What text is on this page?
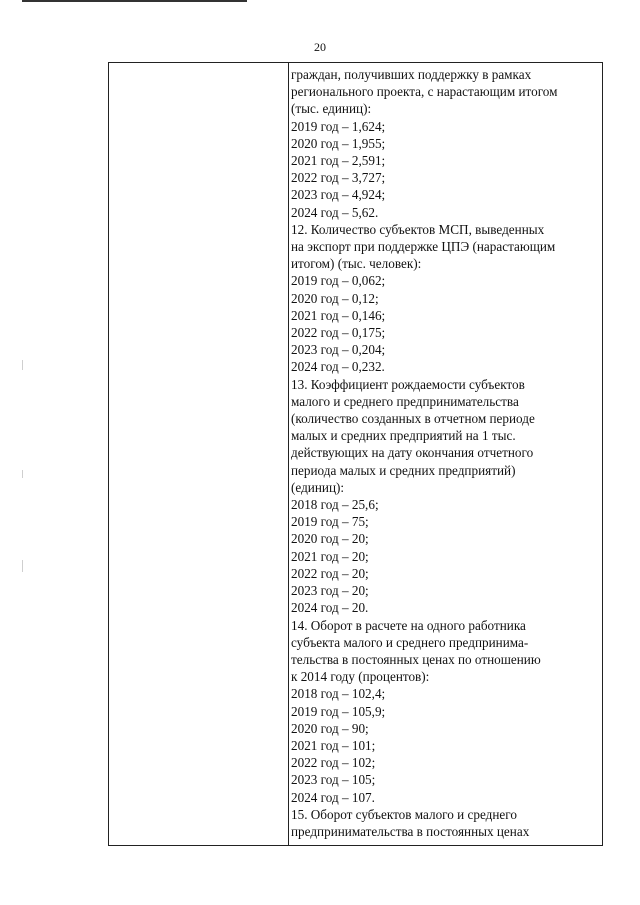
20
граждан, получивших поддержку в рамках
регионального проекта, с нарастающим итогом
(тыс. единиц):
2019 год – 1,624;
2020 год – 1,955;
2021 год – 2,591;
2022 год – 3,727;
2023 год – 4,924;
2024 год – 5,62.
12. Количество субъектов МСП, выведенных
на экспорт при поддержке ЦПЭ (нарастающим
итогом) (тыс. человек):
2019 год – 0,062;
2020 год – 0,12;
2021 год – 0,146;
2022 год – 0,175;
2023 год – 0,204;
2024 год – 0,232.
13. Коэффициент рождаемости субъектов
малого и среднего предпринимательства
(количество созданных в отчетном периоде
малых и средних предприятий на 1 тыс.
действующих на дату окончания отчетного
периода малых и средних предприятий)
(единиц):
2018 год – 25,6;
2019 год – 75;
2020 год – 20;
2021 год – 20;
2022 год – 20;
2023 год – 20;
2024 год – 20.
14. Оборот в расчете на одного работника
субъекта малого и среднего предпринима-
тельства в постоянных ценах по отношению
к 2014 году (процентов):
2018 год – 102,4;
2019 год – 105,9;
2020 год – 90;
2021 год – 101;
2022 год – 102;
2023 год – 105;
2024 год – 107.
15. Оборот субъектов малого и среднего
предпринимательства в постоянных ценах
